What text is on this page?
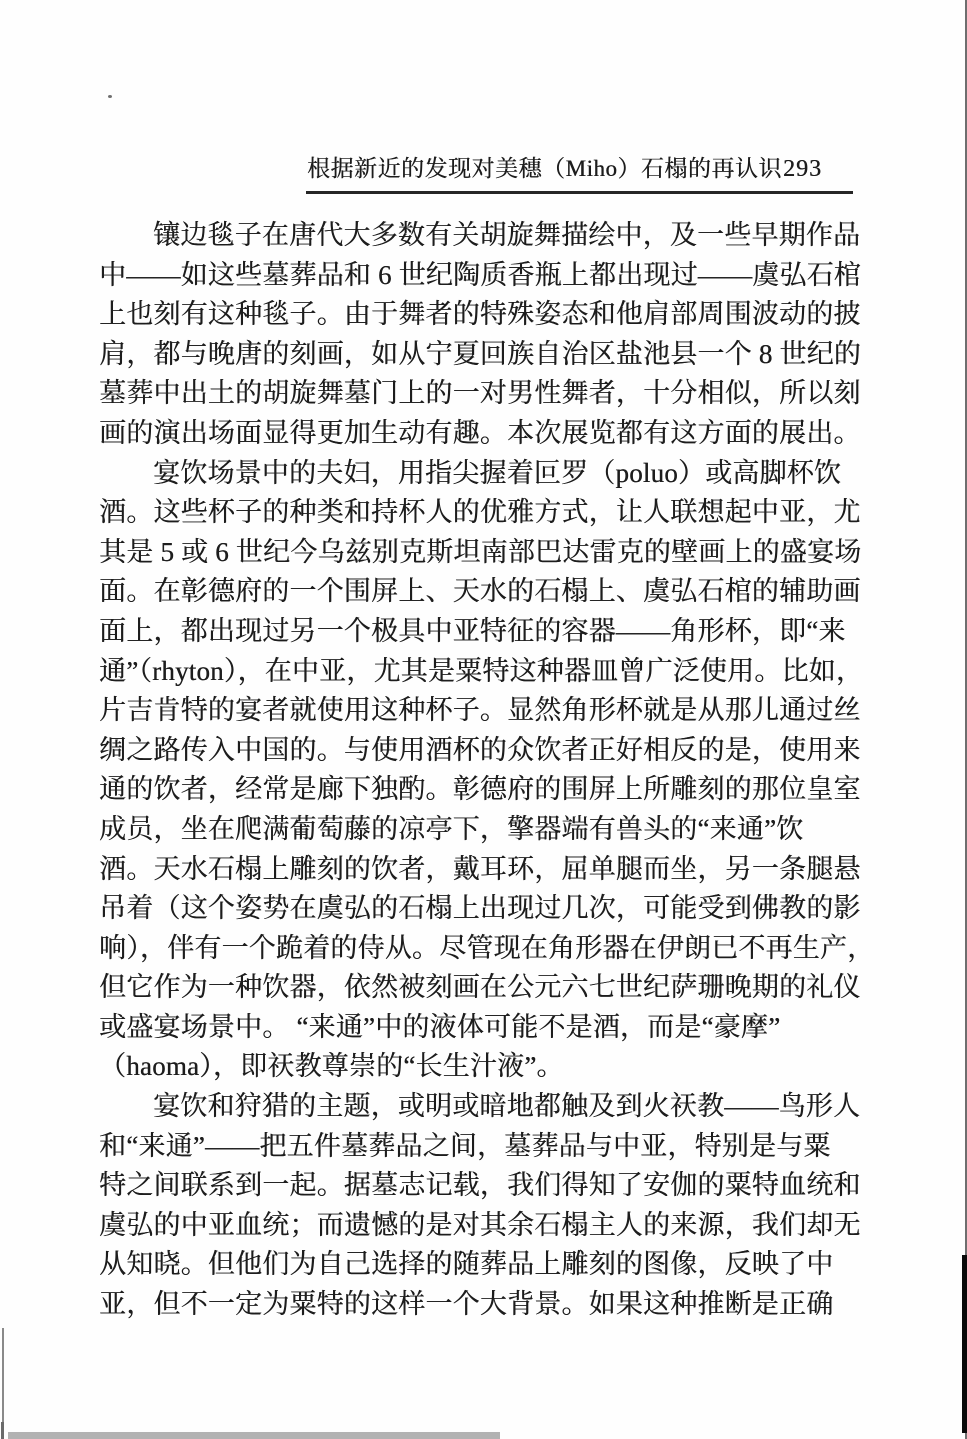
根据新近的发现对美穗（Miho）石榻的再认识 293
镶边毯子在唐代大多数有关胡旋舞描绘中，及一些早期作品
中——如这些墓葬品和 6 世纪陶质香瓶上都出现过——虞弘石棺
上也刻有这种毯子。由于舞者的特殊姿态和他肩部周围波动的披
肩，都与晚唐的刻画，如从宁夏回族自治区盐池县一个 8 世纪的
墓葬中出土的胡旋舞墓门上的一对男性舞者，十分相似，所以刻
画的演出场面显得更加生动有趣。本次展览都有这方面的展出。
宴饮场景中的夫妇，用指尖握着叵罗（poluo）或高脚杯饮
酒。这些杯子的种类和持杯人的优雅方式，让人联想起中亚，尤
其是 5 或 6 世纪今乌兹别克斯坦南部巴达雷克的壁画上的盛宴场
面。在彰德府的一个围屏上、天水的石榻上、虞弘石棺的辅助画
面上，都出现过另一个极具中亚特征的容器——角形杯，即“来
通”（rhyton），在中亚，尤其是粟特这种器皿曾广泛使用。比如，
片吉肯特的宴者就使用这种杯子。显然角形杯就是从那儿通过丝
绸之路传入中国的。与使用酒杯的众饮者正好相反的是，使用来
通的饮者，经常是廊下独酌。彰德府的围屏上所雕刻的那位皇室
成员，坐在爬满葡萄藤的凉亭下，擎器端有兽头的“来通”饮
酒。天水石榻上雕刻的饮者，戴耳环，屈单腿而坐，另一条腿悬
吊着（这个姿势在虞弘的石榻上出现过几次，可能受到佛教的影
响），伴有一个跪着的侍从。尽管现在角形器在伊朗已不再生产，
但它作为一种饮器，依然被刻画在公元六七世纪萨珊晚期的礼仪
或盛宴场景中。 “来通”中的液体可能不是酒，而是“豪摩”
（haoma），即祆教尊崇的“长生汁液”。
宴饮和狩猎的主题，或明或暗地都触及到火祆教——鸟形人
和“来通”——把五件墓葬品之间，墓葬品与中亚，特别是与粟
特之间联系到一起。据墓志记载，我们得知了安伽的粟特血统和
虞弘的中亚血统；而遗憾的是对其余石榻主人的来源，我们却无
从知晓。但他们为自己选择的随葬品上雕刻的图像，反映了中
亚，但不一定为粟特的这样一个大背景。如果这种推断是正确
